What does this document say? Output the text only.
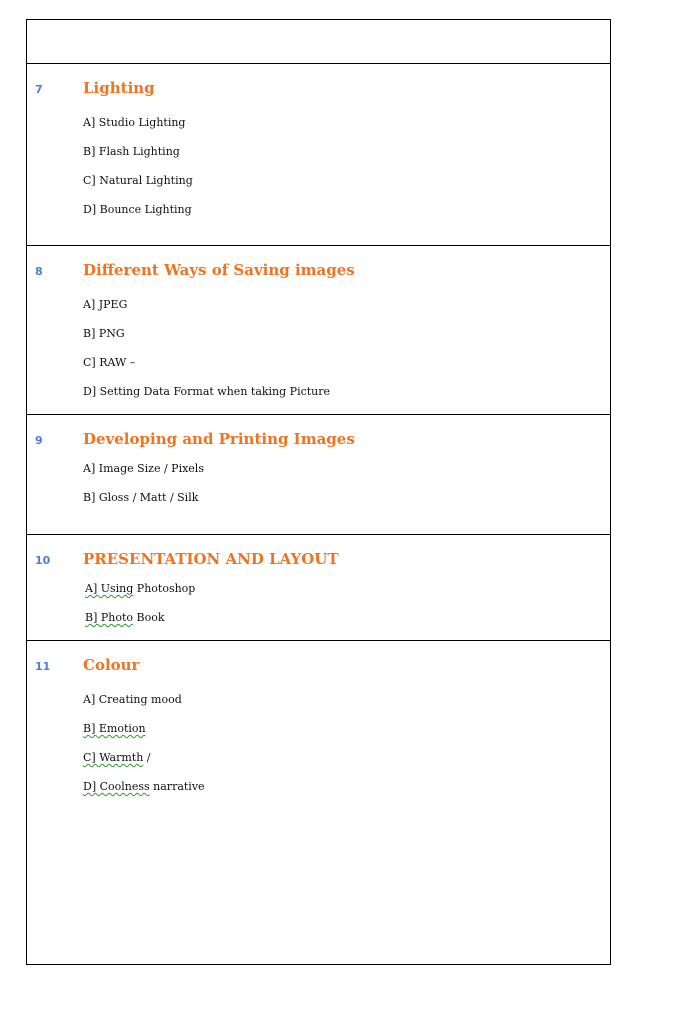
7	Lighting
A] Studio Lighting
B] Flash Lighting
C] Natural Lighting
D] Bounce Lighting
8	Different Ways of Saving images
A] JPEG
B] PNG
C] RAW –
D] Setting Data Format when taking Picture
9	Developing and Printing Images
A] Image Size / Pixels
B] Gloss / Matt / Silk
10 PRESENTATION AND LAYOUT
A] Using Photoshop
B] Photo Book
11 Colour
A] Creating mood
B] Emotion
C] Warmth /
D] Coolness narrative
